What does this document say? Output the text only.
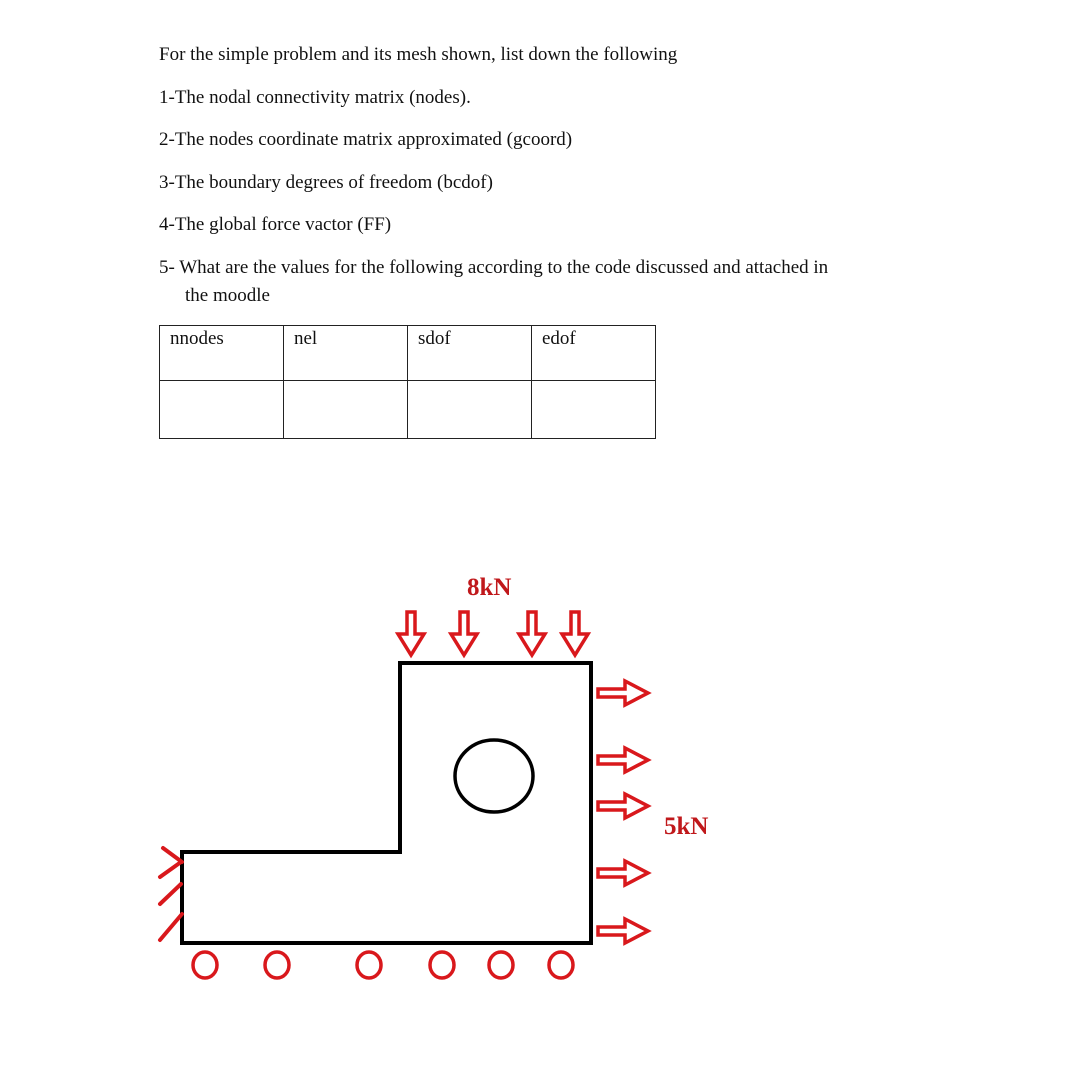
For the simple problem and its mesh shown, list down the following
1-The nodal connectivity matrix (nodes).
2-The nodes coordinate matrix approximated (gcoord)
3-The boundary degrees of freedom (bcdof)
4-The global force vactor (FF)
5- What are the values for the following according to the code discussed and attached in
the moodle
nnodes	nel	sdof	edof

8kN
5kN
